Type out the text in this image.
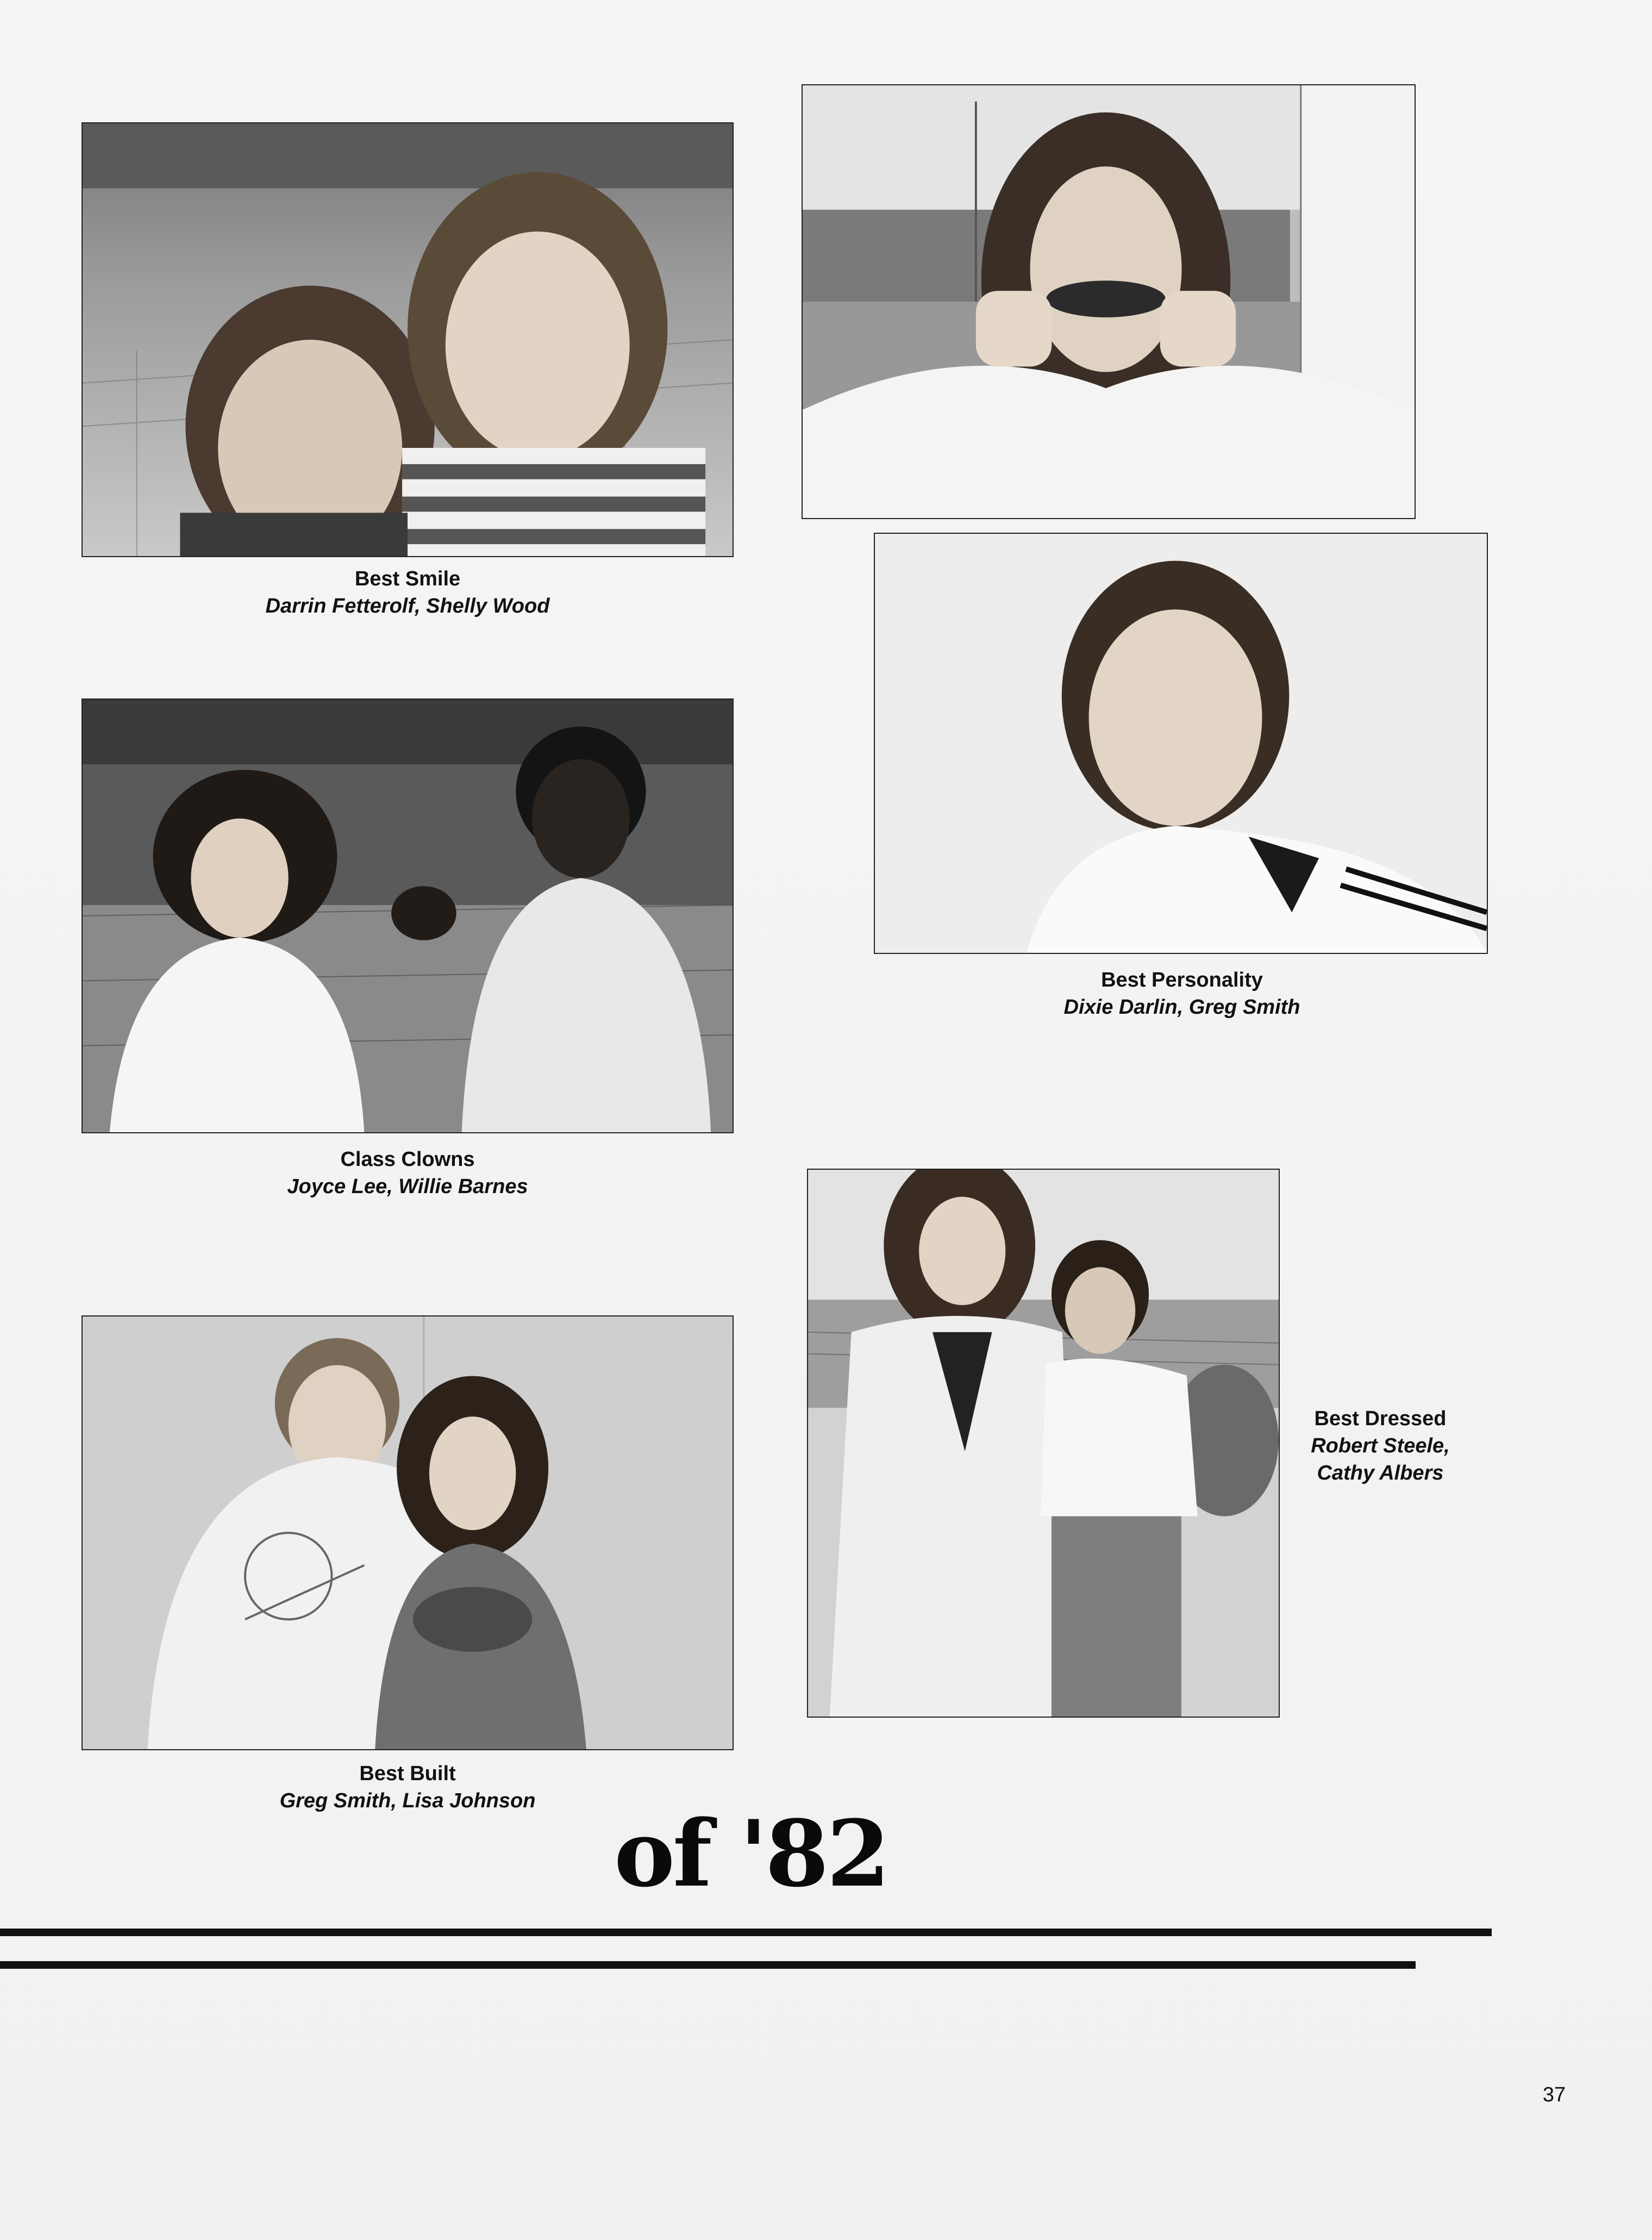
Best Smile
Darrin Fetterolf, Shelly Wood
Best Personality
Dixie Darlin, Greg Smith
Class Clowns
Joyce Lee, Willie Barnes
Best Dressed
Robert Steele,
Cathy Albers
Best Built
Greg Smith, Lisa Johnson of '82
37
